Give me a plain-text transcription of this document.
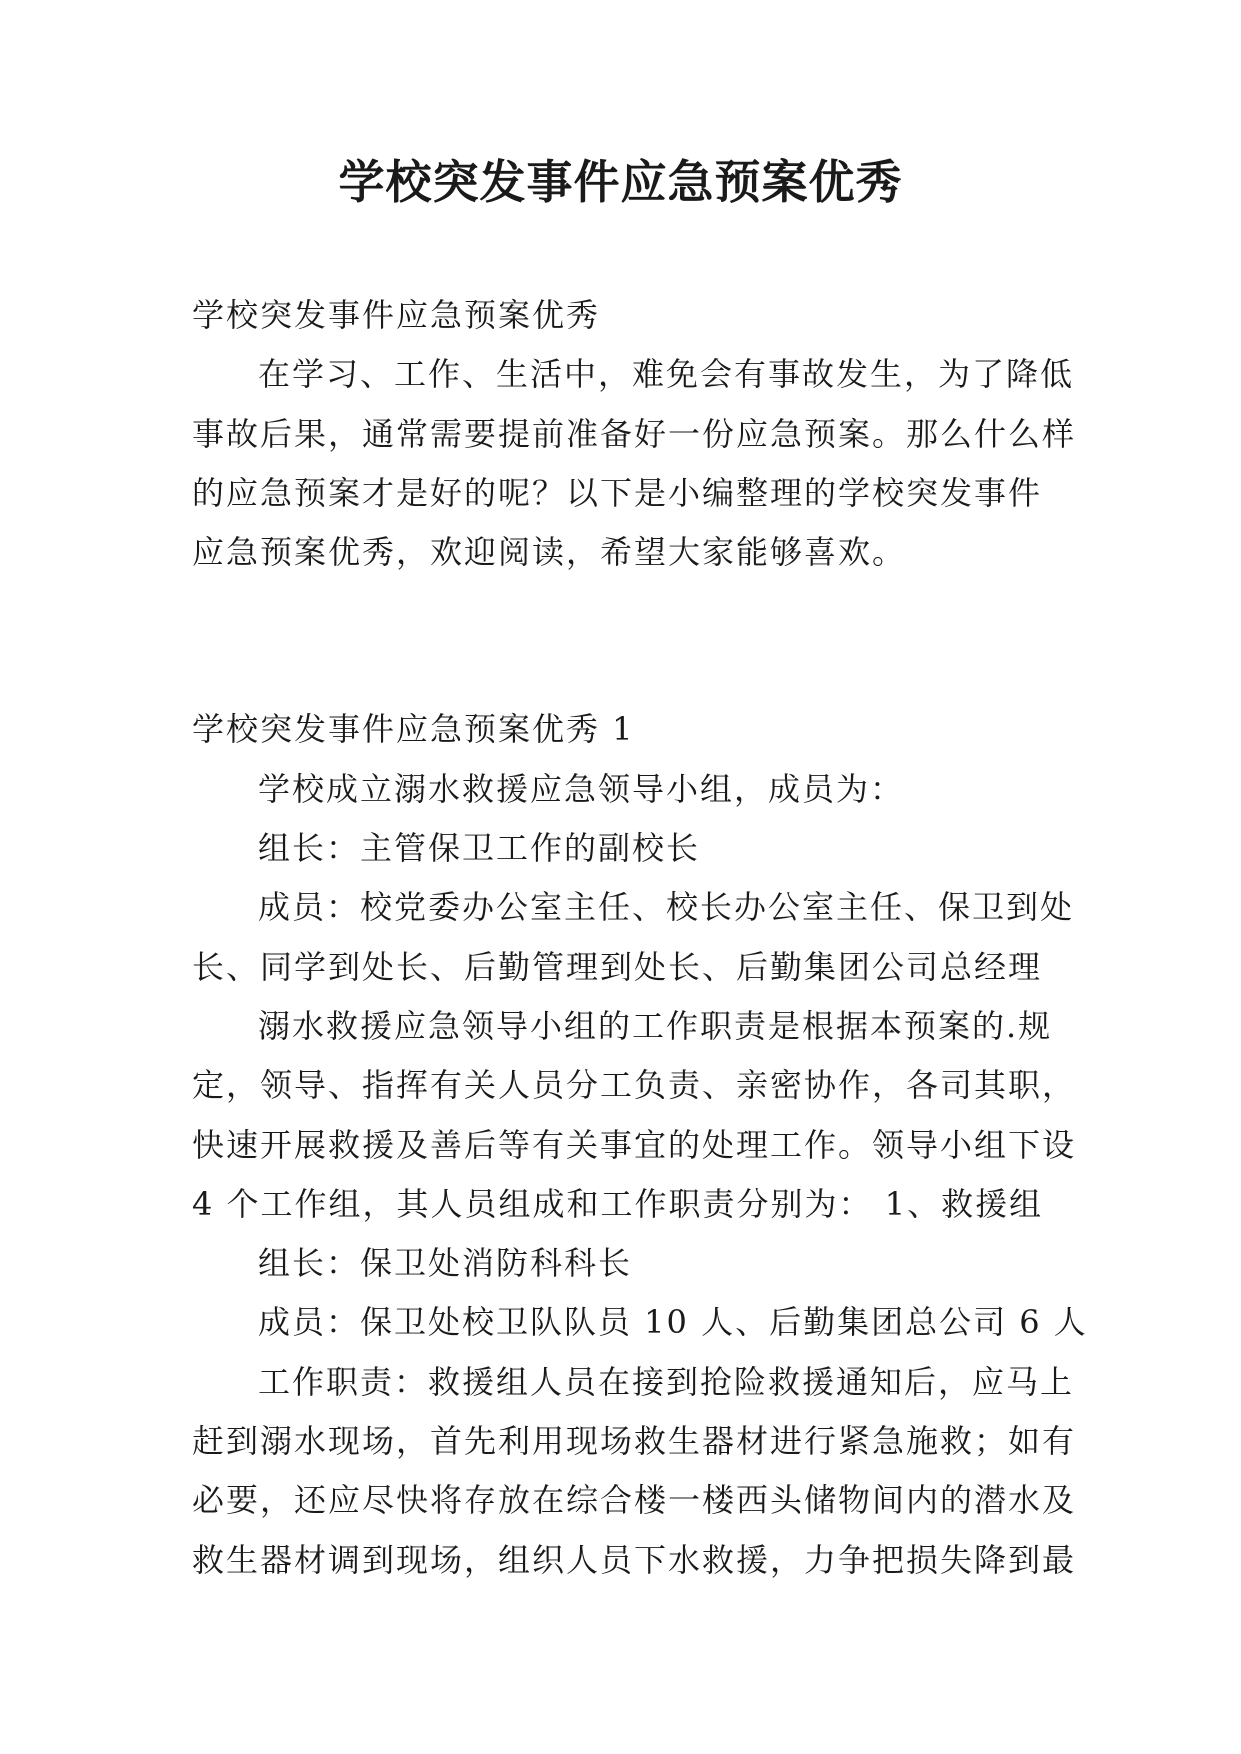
学校突发事件应急预案优秀

学校突发事件应急预案优秀

在学习、工作、生活中，难免会有事故发生，为了降低

事故后果，通常需要提前准备好一份应急预案。那么什么样

的应急预案才是好的呢？以下是小编整理的学校突发事件

应急预案优秀，欢迎阅读，希望大家能够喜欢。

学校突发事件应急预案优秀 1

学校成立溺水救援应急领导小组，成员为：

组长：主管保卫工作的副校长

成员：校党委办公室主任、校长办公室主任、保卫到处

长、同学到处长、后勤管理到处长、后勤集团公司总经理

溺水救援应急领导小组的工作职责是根据本预案的.规

定，领导、指挥有关人员分工负责、亲密协作，各司其职，

快速开展救援及善后等有关事宜的处理工作。领导小组下设

4 个工作组，其人员组成和工作职责分别为： 1、救援组

组长：保卫处消防科科长

成员：保卫处校卫队队员 10 人、后勤集团总公司 6 人

工作职责：救援组人员在接到抢险救援通知后，应马上

赶到溺水现场，首先利用现场救生器材进行紧急施救；如有

必要，还应尽快将存放在综合楼一楼西头储物间内的潜水及

救生器材调到现场，组织人员下水救援，力争把损失降到最
